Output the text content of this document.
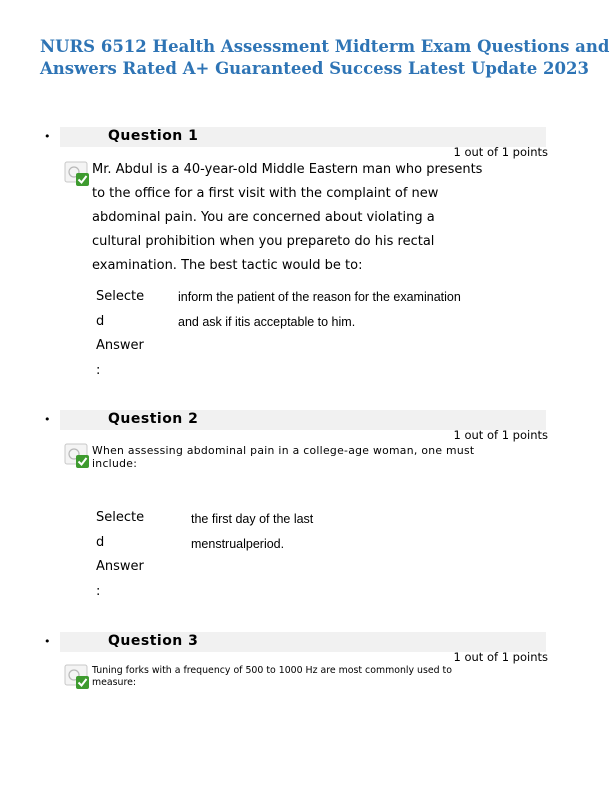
NURS 6512 Health Assessment Midterm Exam Questions and
Answers Rated A+ Guaranteed Success Latest Update 2023
•	Question 1
1 out of 1 points

Mr. Abdul is a 40-year-old Middle Eastern man who presents
to the office for a first visit with the complaint of new
abdominal pain. You are concerned about violating a
cultural prohibition when you prepareto do his rectal
examination. The best tactic would be to:

Selecte
d
Answer
:
inform the patient of the reason for the examination
and ask if itis acceptable to him.
•	Question 2
1 out of 1 points

When assessing abdominal pain in a college-age woman, one must
include:

Selecte
d
Answer
:
the first day of the last
menstrualperiod.
•	Question 3
1 out of 1 points

Tuning forks with a frequency of 500 to 1000 Hz are most commonly used to
measure:
